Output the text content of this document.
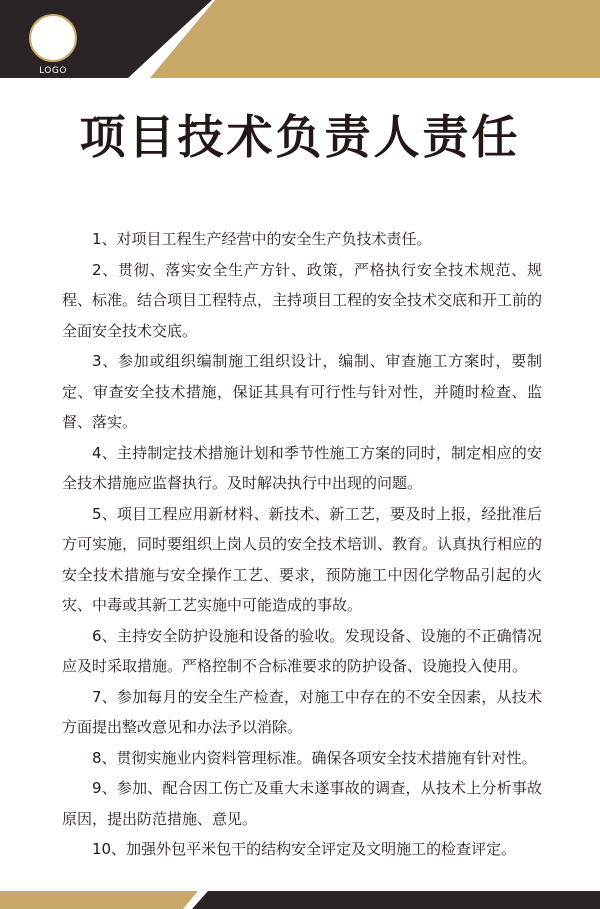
LOGO
项目技术负责人责任
1、对项目工程生产经营中的安全生产负技术责任。
2、贯彻、落实安全生产方针、政策，严格执行安全技术规范、规程、标准。结合项目工程特点，主持项目工程的安全技术交底和开工前的全面安全技术交底。
3、参加或组织编制施工组织设计，编制、审查施工方案时，要制定、审查安全技术措施，保证其具有可行性与针对性，并随时检查、监督、落实。
4、主持制定技术措施计划和季节性施工方案的同时，制定相应的安全技术措施应监督执行。及时解决执行中出现的问题。
5、项目工程应用新材料、新技术、新工艺，要及时上报，经批准后方可实施，同时要组织上岗人员的安全技术培训、教育。认真执行相应的安全技术措施与安全操作工艺、要求，预防施工中因化学物品引起的火灾、中毒或其新工艺实施中可能造成的事故。
6、主持安全防护设施和设备的验收。发现设备、设施的不正确情况应及时采取措施。严格控制不合标准要求的防护设备、设施投入使用。
7、参加每月的安全生产检查，对施工中存在的不安全因素，从技术方面提出整改意见和办法予以消除。
8、贯彻实施业内资料管理标准。确保各项安全技术措施有针对性。
9、参加、配合因工伤亡及重大未遂事故的调查，从技术上分析事故原因，提出防范措施、意见。
10、加强外包平米包干的结构安全评定及文明施工的检查评定。
